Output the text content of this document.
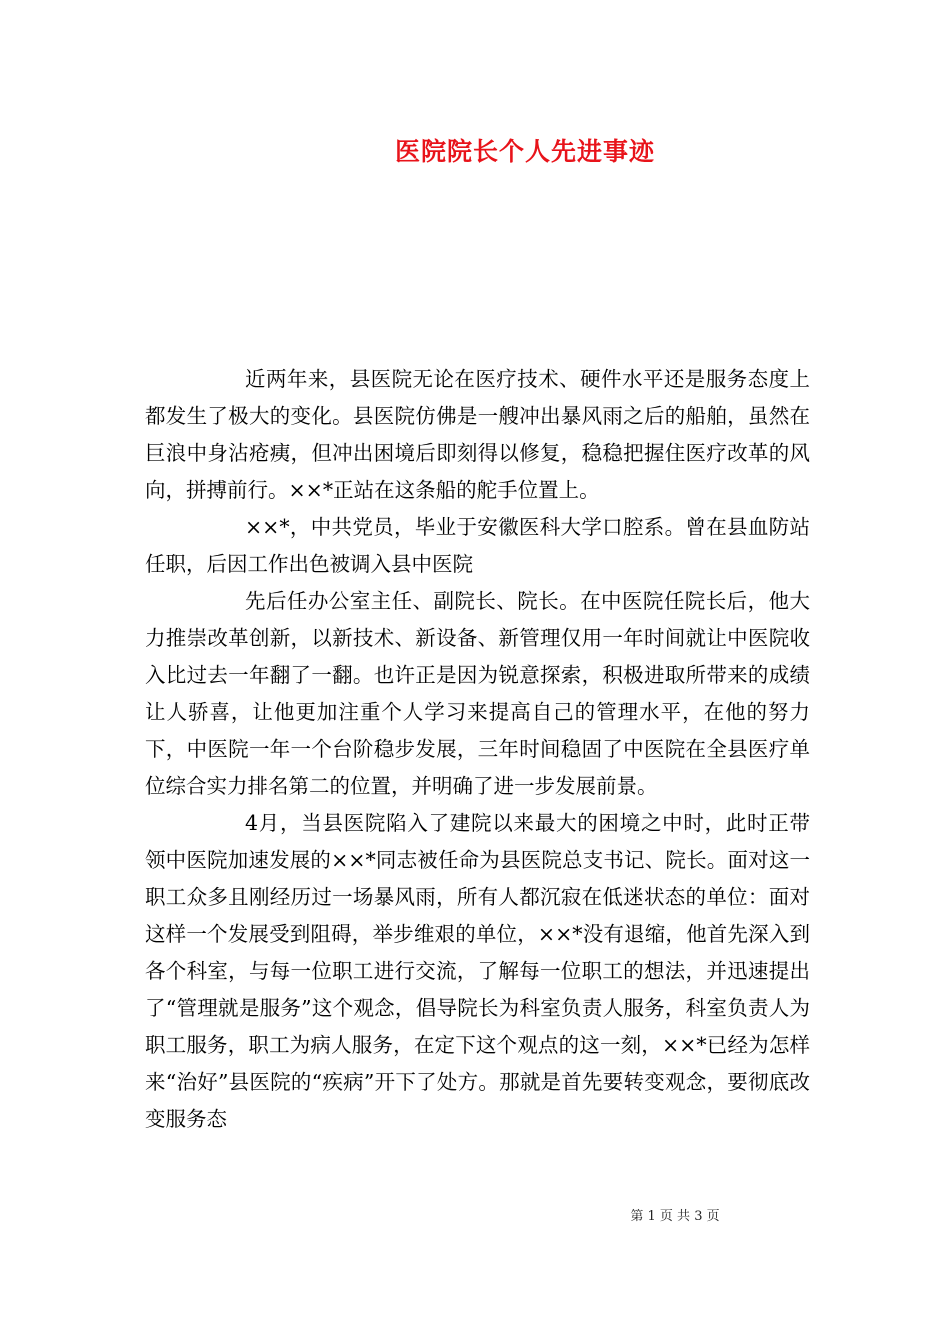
医院院长个人先进事迹

近两年来，县医院无论在医疗技术、硬件水平还是服务态度上都发生了极大的变化。县医院仿佛是一艘冲出暴风雨之后的船舶，虽然在巨浪中身沾疮痍，但冲出困境后即刻得以修复，稳稳把握住医疗改革的风向，拼搏前行。××*正站在这条船的舵手位置上。

××*，中共党员，毕业于安徽医科大学口腔系。曾在县血防站任职，后因工作出色被调入县中医院

先后任办公室主任、副院长、院长。在中医院任院长后，他大力推崇改革创新，以新技术、新设备、新管理仅用一年时间就让中医院收入比过去一年翻了一翻。也许正是因为锐意探索，积极进取所带来的成绩让人骄喜，让他更加注重个人学习来提高自己的管理水平，在他的努力下，中医院一年一个台阶稳步发展，三年时间稳固了中医院在全县医疗单位综合实力排名第二的位置，并明确了进一步发展前景。

4月，当县医院陷入了建院以来最大的困境之中时，此时正带领中医院加速发展的××*同志被任命为县医院总支书记、院长。面对这一职工众多且刚经历过一场暴风雨，所有人都沉寂在低迷状态的单位：面对这样一个发展受到阻碍，举步维艰的单位，××*没有退缩，他首先深入到各个科室，与每一位职工进行交流，了解每一位职工的想法，并迅速提出了“管理就是服务”这个观念，倡导院长为科室负责人服务，科室负责人为职工服务，职工为病人服务，在定下这个观点的这一刻，××*已经为怎样来“治好”县医院的“疾病”开下了处方。那就是首先要转变观念，要彻底改变服务态

第 1 页 共 3 页
